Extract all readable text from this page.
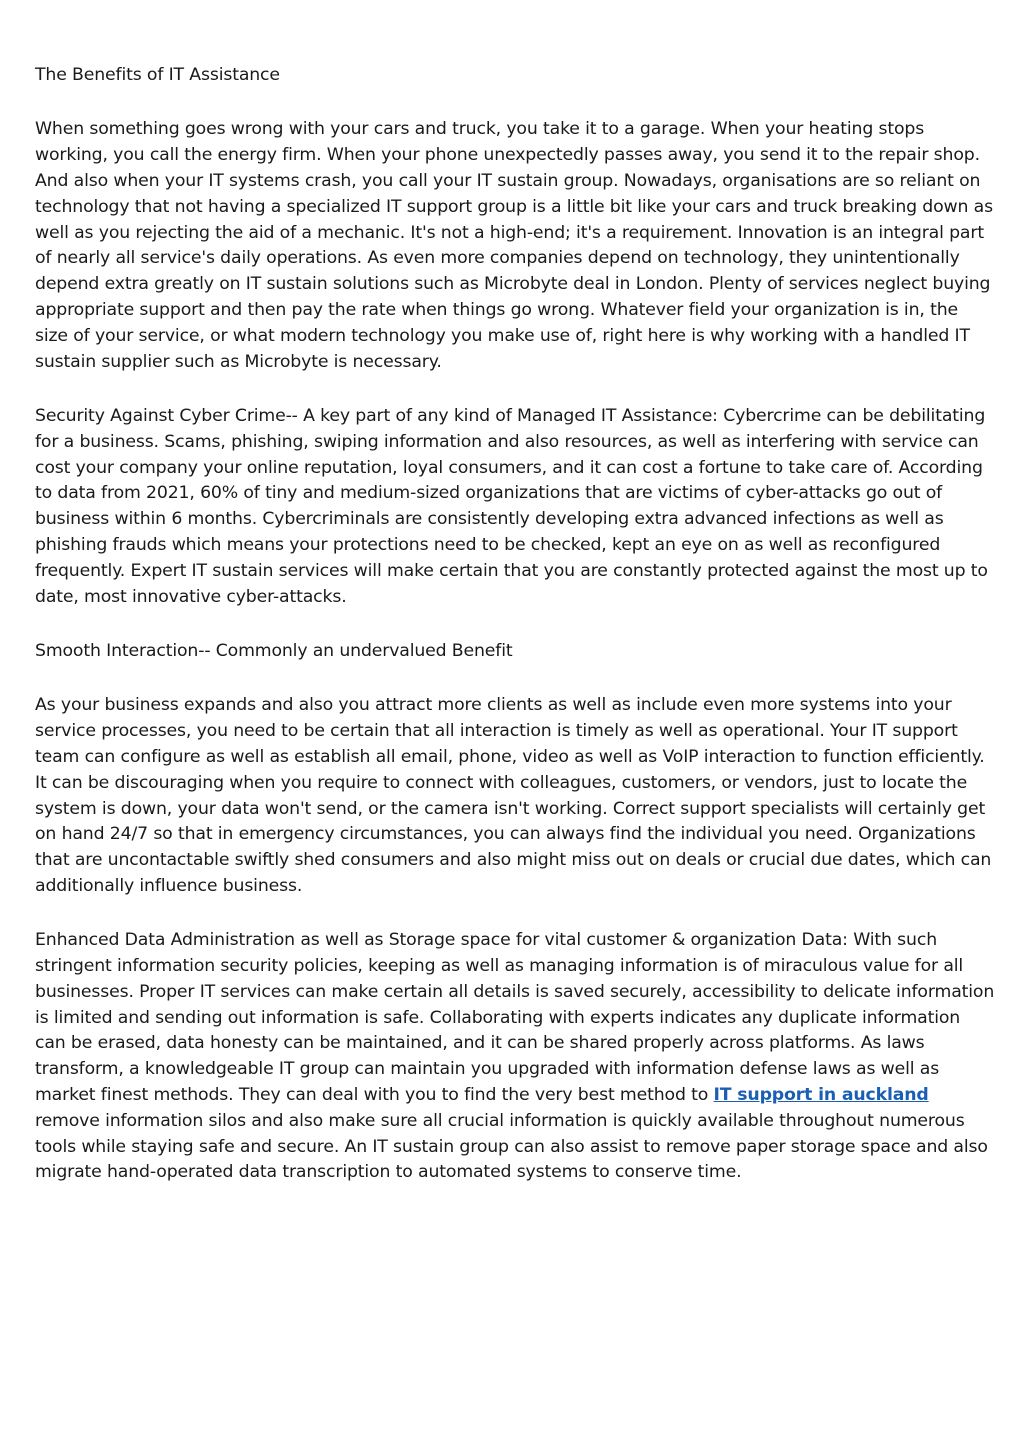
The Benefits of IT Assistance

When something goes wrong with your cars and truck, you take it to a garage. When your heating stops working, you call the energy firm. When your phone unexpectedly passes away, you send it to the repair shop. And also when your IT systems crash, you call your IT sustain group. Nowadays, organisations are so reliant on technology that not having a specialized IT support group is a little bit like your cars and truck breaking down as well as you rejecting the aid of a mechanic. It's not a high-end; it's a requirement. Innovation is an integral part of nearly all service's daily operations. As even more companies depend on technology, they unintentionally depend extra greatly on IT sustain solutions such as Microbyte deal in London. Plenty of services neglect buying appropriate support and then pay the rate when things go wrong. Whatever field your organization is in, the size of your service, or what modern technology you make use of, right here is why working with a handled IT sustain supplier such as Microbyte is necessary.

Security Against Cyber Crime-- A key part of any kind of Managed IT Assistance: Cybercrime can be debilitating for a business. Scams, phishing, swiping information and also resources, as well as interfering with service can cost your company your online reputation, loyal consumers, and it can cost a fortune to take care of. According to data from 2021, 60% of tiny and medium-sized organizations that are victims of cyber-attacks go out of business within 6 months. Cybercriminals are consistently developing extra advanced infections as well as phishing frauds which means your protections need to be checked, kept an eye on as well as reconfigured frequently. Expert IT sustain services will make certain that you are constantly protected against the most up to date, most innovative cyber-attacks.

Smooth Interaction-- Commonly an undervalued Benefit

As your business expands and also you attract more clients as well as include even more systems into your service processes, you need to be certain that all interaction is timely as well as operational. Your IT support team can configure as well as establish all email, phone, video as well as VoIP interaction to function efficiently. It can be discouraging when you require to connect with colleagues, customers, or vendors, just to locate the system is down, your data won't send, or the camera isn't working. Correct support specialists will certainly get on hand 24/7 so that in emergency circumstances, you can always find the individual you need. Organizations that are uncontactable swiftly shed consumers and also might miss out on deals or crucial due dates, which can additionally influence business.

Enhanced Data Administration as well as Storage space for vital customer & organization Data: With such stringent information security policies, keeping as well as managing information is of miraculous value for all businesses. Proper IT services can make certain all details is saved securely, accessibility to delicate information is limited and sending out information is safe. Collaborating with experts indicates any duplicate information can be erased, data honesty can be maintained, and it can be shared properly across platforms. As laws transform, a knowledgeable IT group can maintain you upgraded with information defense laws as well as market finest methods. They can deal with you to find the very best method to IT support in auckland remove information silos and also make sure all crucial information is quickly available throughout numerous tools while staying safe and secure. An IT sustain group can also assist to remove paper storage space and also migrate hand-operated data transcription to automated systems to conserve time.
